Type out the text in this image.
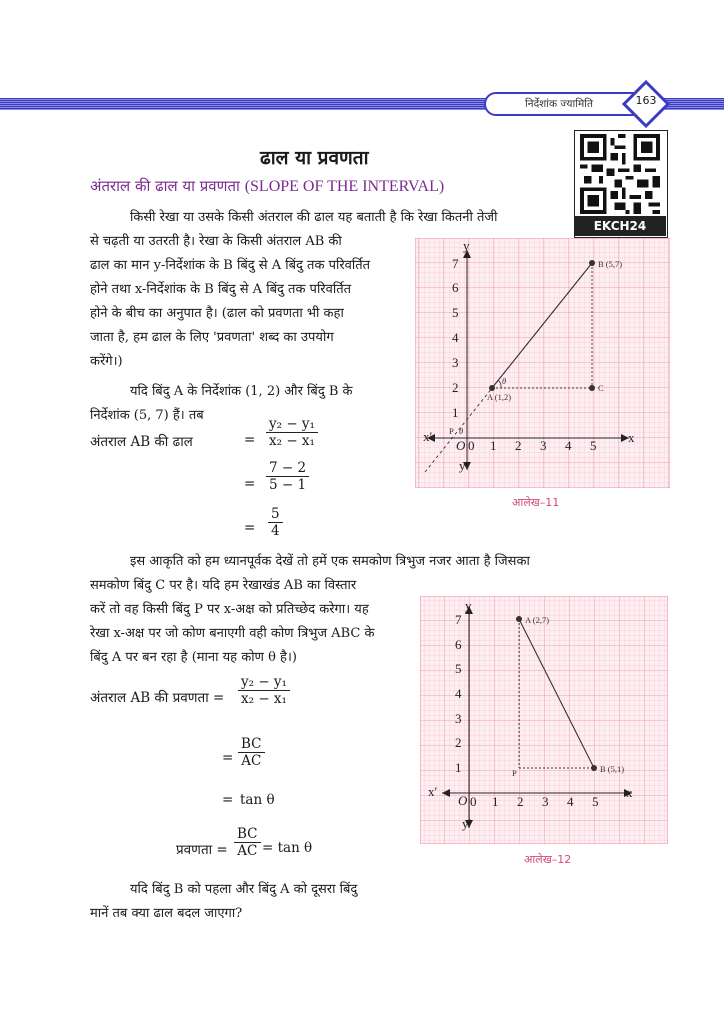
निर्देशांक ज्यामिति	163
EKCH24
ढाल या प्रवणता
अंतराल की ढाल या प्रवणता (SLOPE OF THE INTERVAL)
किसी रेखा या उसके किसी अंतराल की ढाल यह बताती है कि रेखा कितनी तेजी
से चढ़ती या उतरती है। रेखा के किसी अंतराल AB की
ढाल का मान y-निर्देशांक के B बिंदु से A बिंदु तक परिवर्तित
होने तथा x-निर्देशांक के B बिंदु से A बिंदु तक परिवर्तित
होने के बीच का अनुपात है। (ढाल को प्रवणता भी कहा
जाता है, हम ढाल के लिए 'प्रवणता' शब्द का उपयोग
करेंगे।)
यदि बिंदु A के निर्देशांक (1, 2) और बिंदु B के
निर्देशांक (5, 7) हैं। तब
अंतराल AB की ढाल	= $\frac{\text{y₂ − y₁}}{\text{x₂ − x₁}}$
= $\frac{7 - 2}{5 - 1}$
= $\frac{5}{4}$
y
x
x′
y′
O 0 1 2 3 4 5
1
2
3
4
5
6
7
A (1,2)
B (5,7)
C
P
θ
θ
आलेख–11
इस आकृति को हम ध्यानपूर्वक देखें तो हमें एक समकोण त्रिभुज नजर आता है जिसका
समकोण बिंदु C पर है। यदि हम रेखाखंड AB का विस्तार
करें तो वह किसी बिंदु P पर x-अक्ष को प्रतिच्छेद करेगा। यह
रेखा x-अक्ष पर जो कोण बनाएगी वही कोण त्रिभुज ABC के
बिंदु A पर बन रहा है (माना यह कोण θ है।)
अंतराल AB की प्रवणता = $\frac{\text{y₂ − y₁}}{\text{x₂ − x₁}}$
= $\frac{BC}{AC}$
= tan θ
प्रवणता = $\frac{BC}{AC} = \tan \theta$
y
x
x′
y′
O 0 1 2 3 4 5
1
2
3
4
5
6
7	A (2,7)
B (5,1)
P
आलेख–12
यदि बिंदु B को पहला और बिंदु A को दूसरा बिंदु
मानें तब क्या ढाल बदल जाएगा?
